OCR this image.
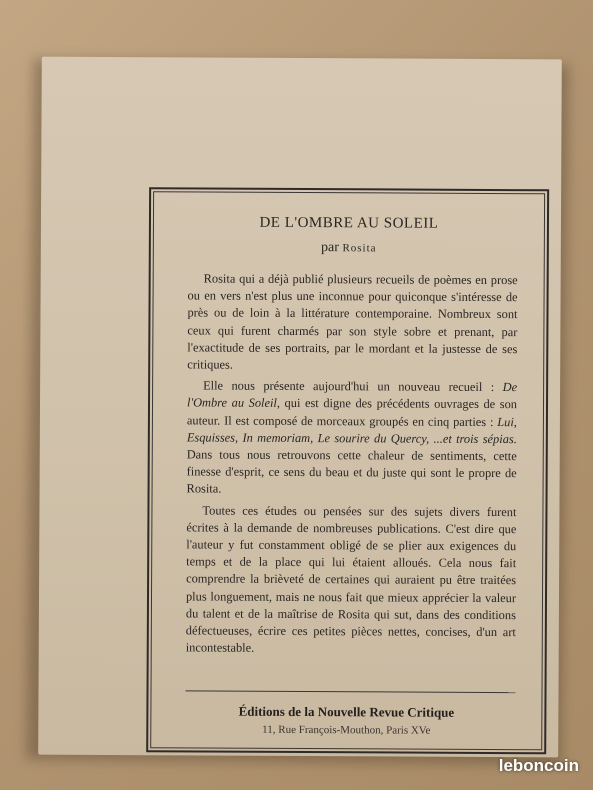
DE L'OMBRE AU SOLEIL
par Rosita

Rosita qui a déjà publié plusieurs recueils de poèmes en prose ou en vers n'est plus une inconnue pour quiconque s'intéresse de près ou de loin à la littérature contemporaine. Nombreux sont ceux qui furent charmés par son style sobre et prenant, par l'exactitude de ses portraits, par le mordant et la justesse de ses critiques.

Elle nous présente aujourd'hui un nouveau recueil : De l'Ombre au Soleil, qui est digne des précédents ouvrages de son auteur. Il est composé de morceaux groupés en cinq parties : Lui, Esquisses, In memoriam, Le sourire du Quercy, ...et trois sépias. Dans tous nous retrouvons cette chaleur de sentiments, cette finesse d'esprit, ce sens du beau et du juste qui sont le propre de Rosita.

Toutes ces études ou pensées sur des sujets divers furent écrites à la demande de nombreuses publications. C'est dire que l'auteur y fut constamment obligé de se plier aux exigences du temps et de la place qui lui étaient alloués. Cela nous fait comprendre la brièveté de certaines qui auraient pu être traitées plus longuement, mais ne nous fait que mieux apprécier la valeur du talent et de la maîtrise de Rosita qui sut, dans des conditions défectueuses, écrire ces petites pièces nettes, concises, d'un art incontestable.

Éditions de la Nouvelle Revue Critique
11, Rue François-Mouthon, Paris XVe
leboncoin
